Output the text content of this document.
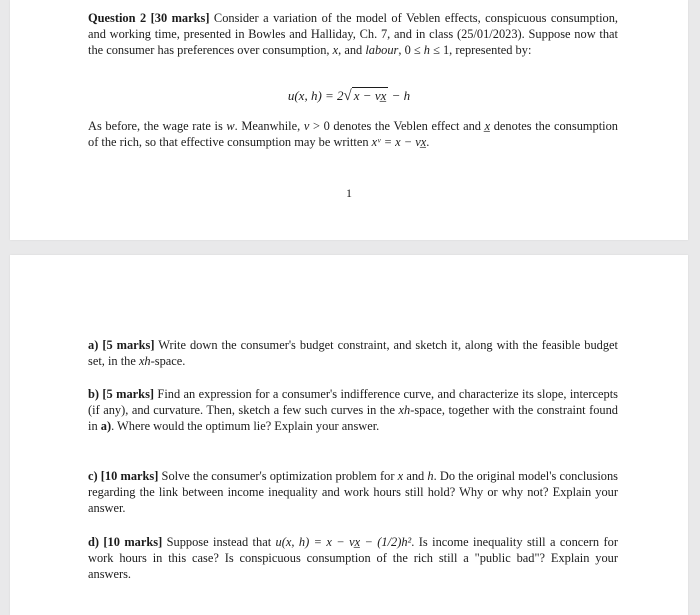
Question 2 [30 marks] Consider a variation of the model of Veblen effects, conspicuous consumption, and working time, presented in Bowles and Halliday, Ch. 7, and in class (25/01/2023). Suppose now that the consumer has preferences over consumption, x, and labour, 0 ≤ h ≤ 1, represented by:

u(x, h) = 2√ x − vx̲ − h

As before, the wage rate is w. Meanwhile, v > 0 denotes the Veblen effect and x̲ denotes the consumption of the rich, so that effective consumption may be written xᵛ = x − vx̲.

1

a) [5 marks] Write down the consumer's budget constraint, and sketch it, along with the feasible budget set, in the xh-space.

b) [5 marks] Find an expression for a consumer's indifference curve, and characterize its slope, intercepts (if any), and curvature. Then, sketch a few such curves in the xh-space, together with the constraint found in a). Where would the optimum lie? Explain your answer.

c) [10 marks] Solve the consumer's optimization problem for x and h. Do the original model's conclusions regarding the link between income inequality and work hours still hold? Why or why not? Explain your answer.

d) [10 marks] Suppose instead that u(x, h) = x − vx̲ − (1/2)h². Is income inequality still a concern for work hours in this case? Is conspicuous consumption of the rich still a "public bad"? Explain your answers.
